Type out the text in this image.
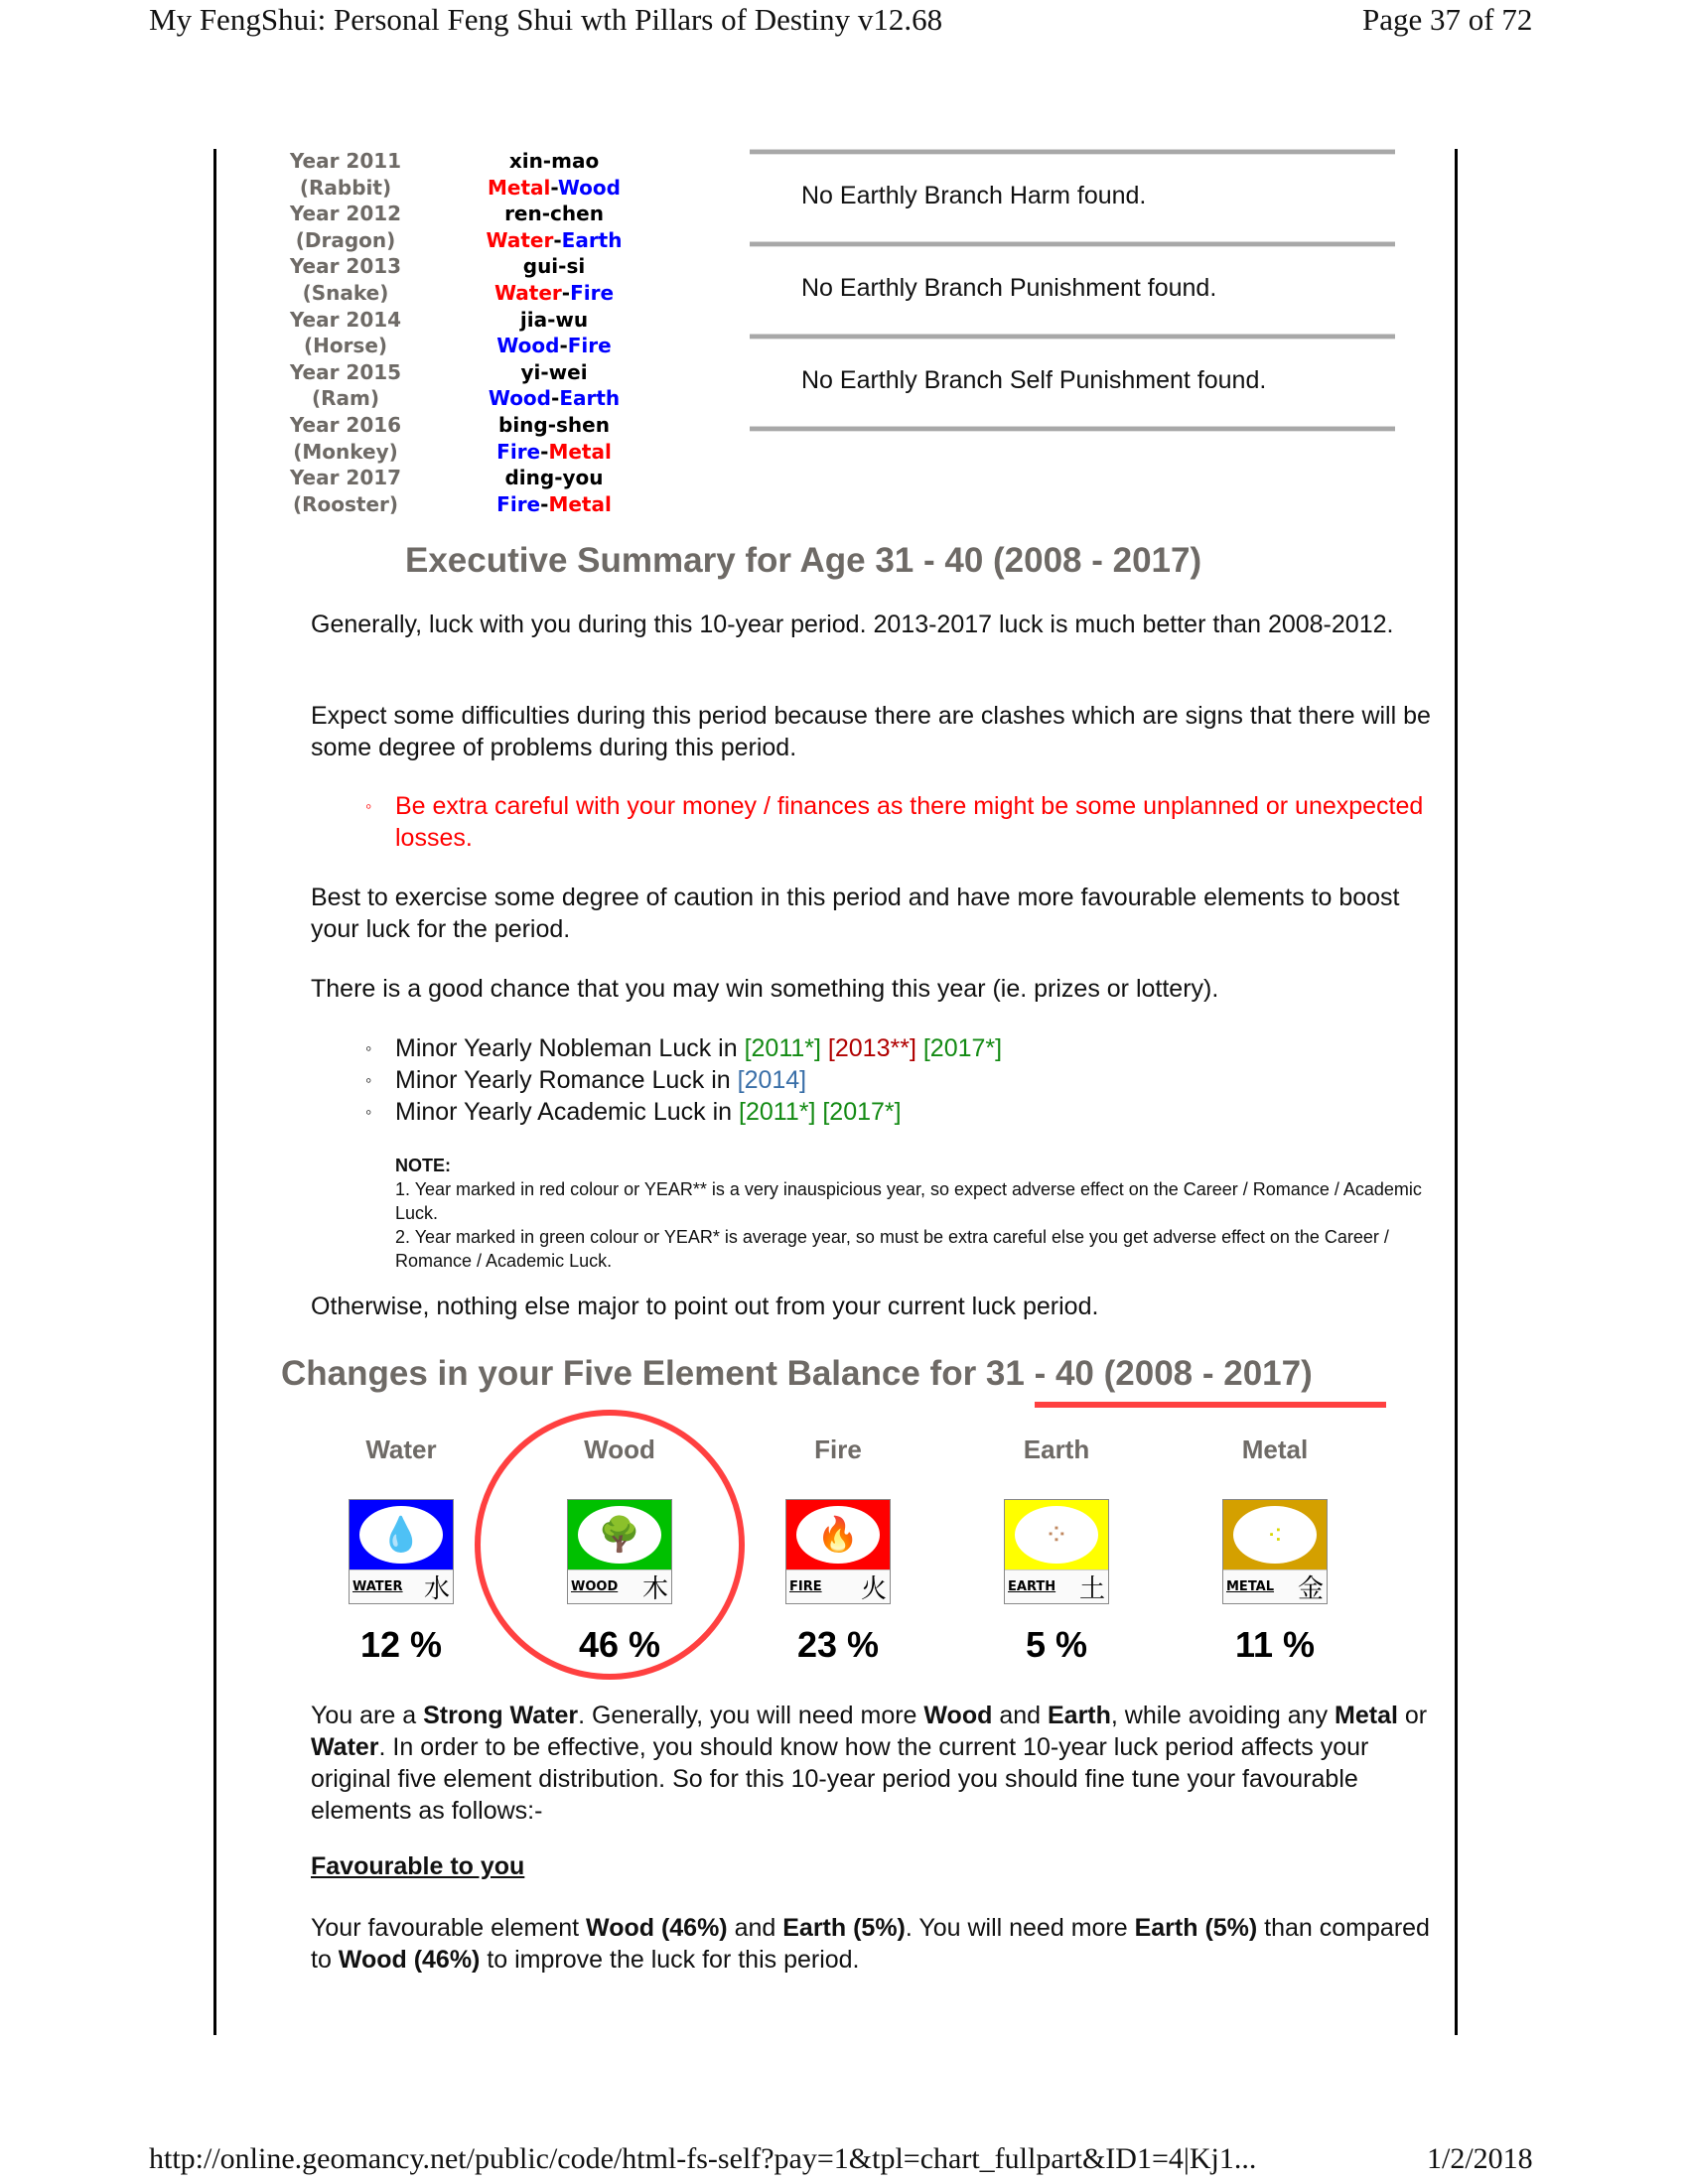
My FengShui: Personal Feng Shui wth Pillars of Destiny v12.68	Page 37 of 72
http://online.geomancy.net/public/code/html-fs-self?pay=1&tpl=chart_fullpart&ID1=4|Kj1...	1/2/2018
Year 2011	xin-mao
(Rabbit)	Metal-Wood
Year 2012	ren-chen
(Dragon)	Water-Earth
Year 2013	gui-si
(Snake)	Water-Fire
Year 2014	jia-wu
(Horse)	Wood-Fire
Year 2015	yi-wei
(Ram)	Wood-Earth
Year 2016	bing-shen
(Monkey)	Fire-Metal
Year 2017	ding-you
(Rooster)	Fire-Metal
No Earthly Branch Harm found.
No Earthly Branch Punishment found.
No Earthly Branch Self Punishment found.
Executive Summary for Age 31 - 40 (2008 - 2017)
Generally, luck with you during this 10-year period. 2013-2017 luck is much better than 2008-2012.
Expect some difficulties during this period because there are clashes which are signs that there will be some degree of problems during this period.
◦ Be extra careful with your money / finances as there might be some unplanned or unexpected losses.
Best to exercise some degree of caution in this period and have more favourable elements to boost your luck for the period.
There is a good chance that you may win something this year (ie. prizes or lottery).
◦ Minor Yearly Nobleman Luck in [2011*] [2013**] [2017*]
◦ Minor Yearly Romance Luck in [2014]
◦ Minor Yearly Academic Luck in [2011*] [2017*]
NOTE:
1. Year marked in red colour or YEAR** is a very inauspicious year, so expect adverse effect on the Career / Romance / Academic Luck.
2. Year marked in green colour or YEAR* is average year, so must be extra careful else you get adverse effect on the Career / Romance / Academic Luck.
Otherwise, nothing else major to point out from your current luck period.
Changes in your Five Element Balance for 31 - 40 (2008 - 2017)
Water
💧
WATER 水
12 %
Wood
🌳
WOOD 木
46 %
Fire
🔥
FIRE 火
23 %
Earth
⁘
EARTH 土
5 %
Metal
⁖
METAL 金
11 %
You are a Strong Water. Generally, you will need more Wood and Earth, while avoiding any Metal or Water. In order to be effective, you should know how the current 10-year luck period affects your original five element distribution. So for this 10-year period you should fine tune your favourable elements as follows:-
Favourable to you
Your favourable element Wood (46%) and Earth (5%). You will need more Earth (5%) than compared to Wood (46%) to improve the luck for this period.
